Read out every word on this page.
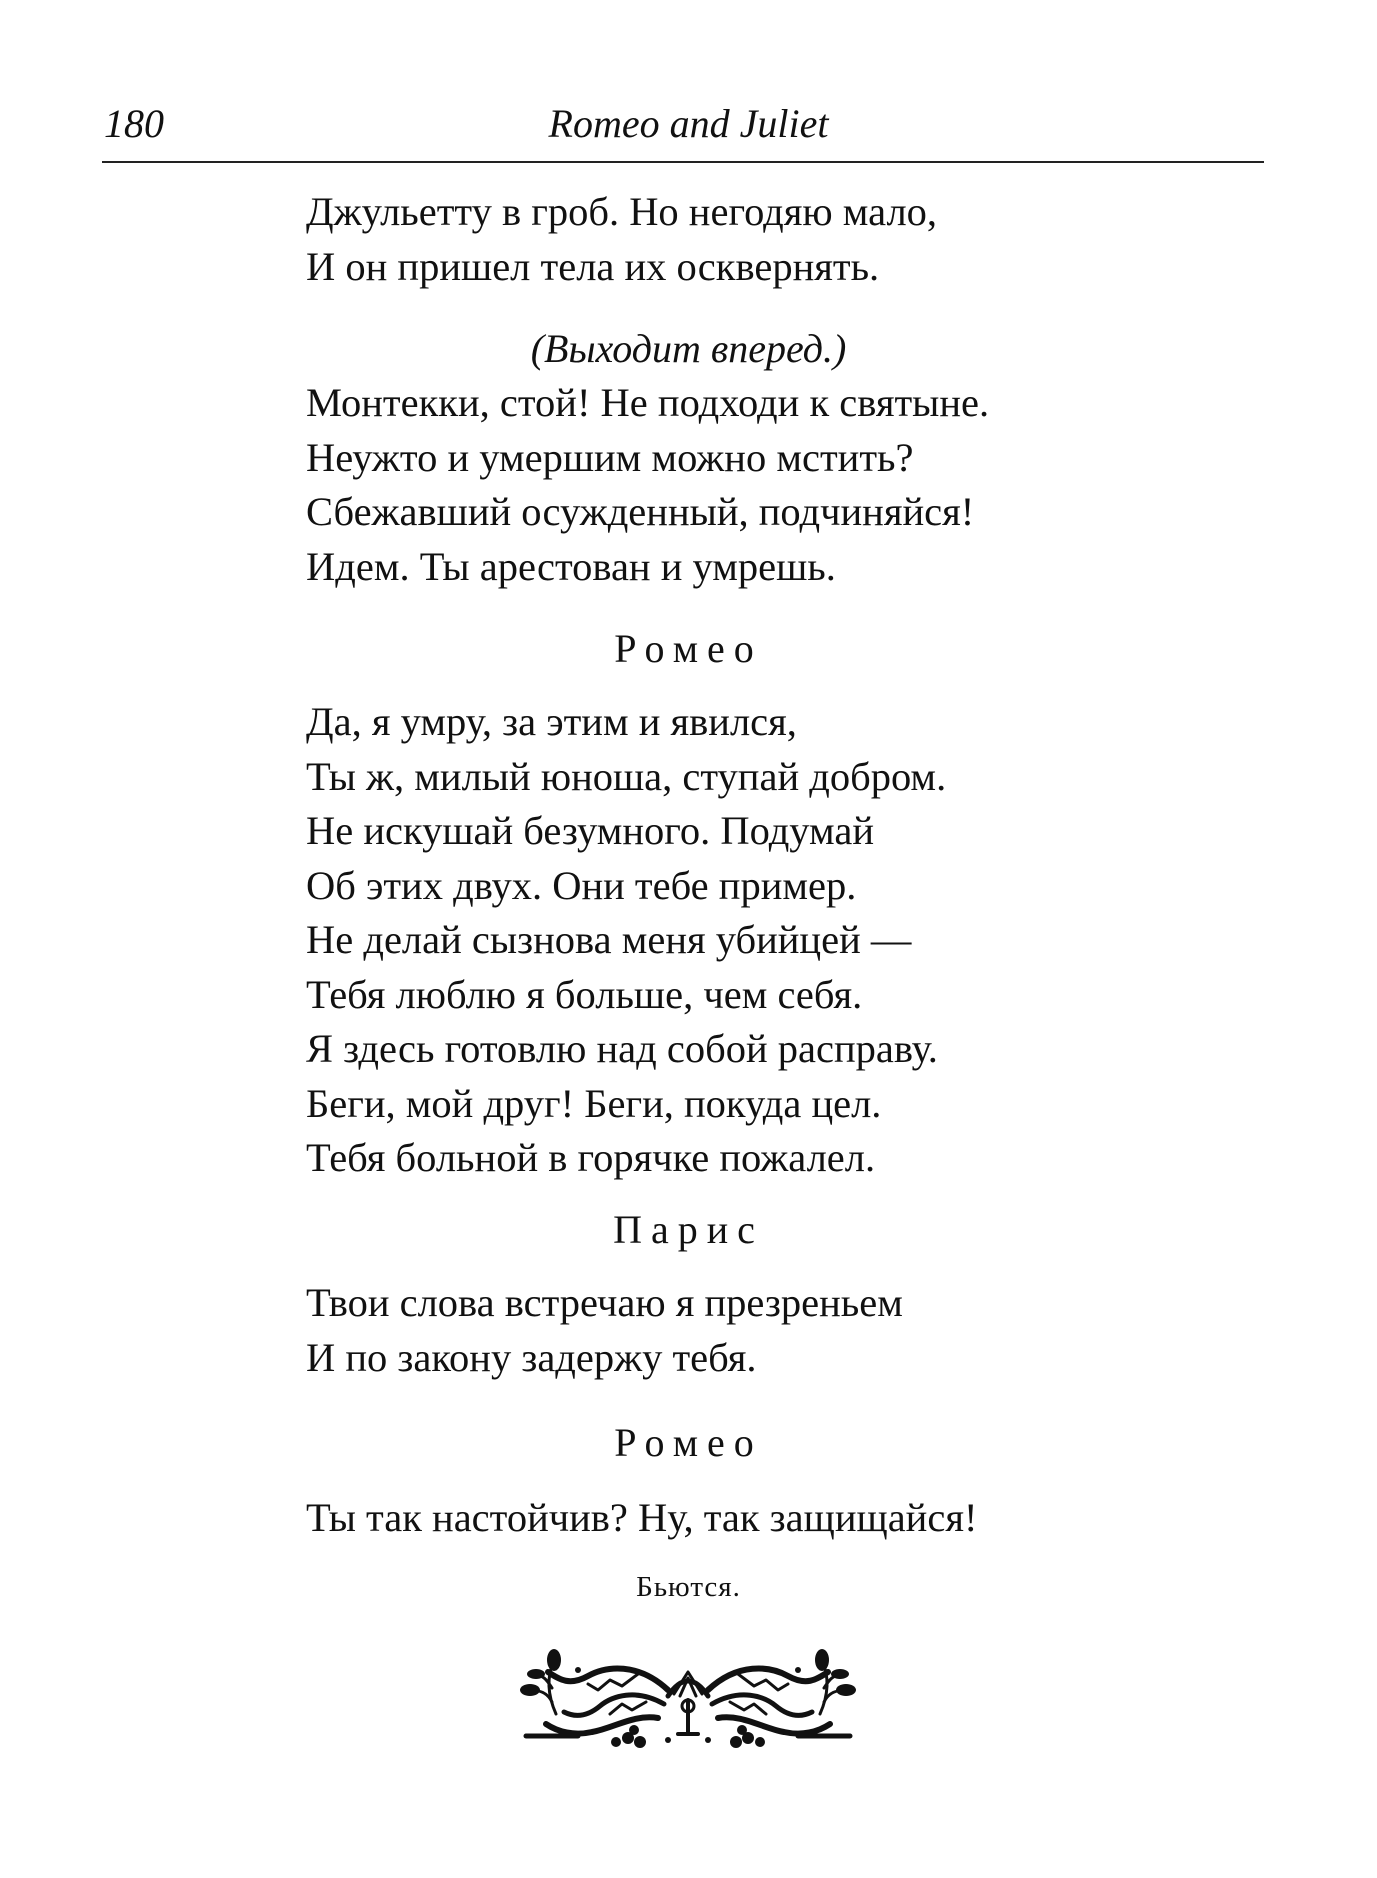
180	Romeo and Juliet

Джульетту в гроб. Но негодяю мало,
И он пришел тела их осквернять.

(Выходит вперед.)

Монтекки, стой! Не подходи к святыне.
Неужто и умершим можно мстить?
Сбежавший осужденный, подчиняйся!
Идем. Ты арестован и умрешь.

Ромео

Да, я умру, за этим и явился,
Ты ж, милый юноша, ступай добром.
Не искушай безумного. Подумай
Об этих двух. Они тебе пример.
Не делай сызнова меня убийцей —
Тебя люблю я больше, чем себя.
Я здесь готовлю над собой расправу.
Беги, мой друг! Беги, покуда цел.
Тебя больной в горячке пожалел.

Парис

Твои слова встречаю я презреньем
И по закону задержу тебя.

Ромео

Ты так настойчив? Ну, так защищайся!

Бьются.
